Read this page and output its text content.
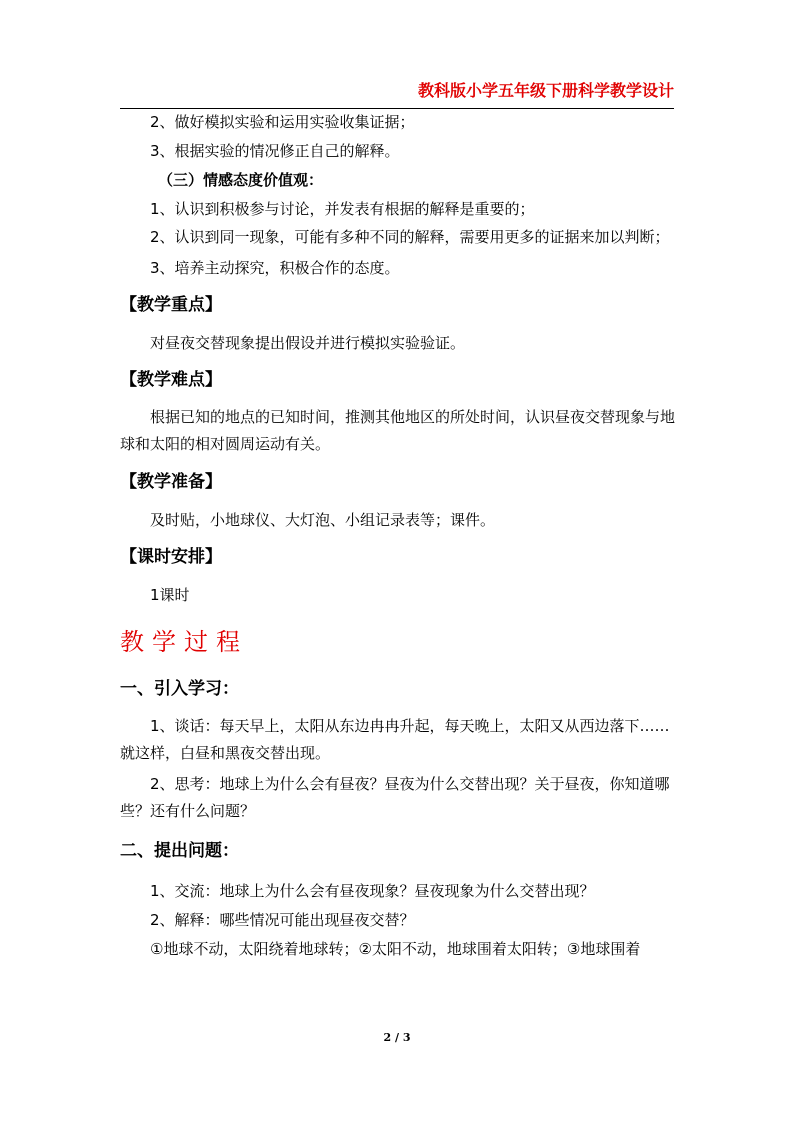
教科版小学五年级下册科学教学设计

2、做好模拟实验和运用实验收集证据；

3、根据实验的情况修正自己的解释。

（三）情感态度价值观：

1、认识到积极参与讨论，并发表有根据的解释是重要的；

2、认识到同一现象，可能有多种不同的解释，需要用更多的证据来加以判断；

3、培养主动探究，积极合作的态度。

【教学重点】

对昼夜交替现象提出假设并进行模拟实验验证。

【教学难点】

根据已知的地点的已知时间，推测其他地区的所处时间，认识昼夜交替现象与地球和太阳的相对圆周运动有关。

【教学准备】

及时贴，小地球仪、大灯泡、小组记录表等；课件。

【课时安排】

1课时

教学过程

一、引入学习：

1、谈话：每天早上，太阳从东边冉冉升起，每天晚上，太阳又从西边落下……就这样，白昼和黑夜交替出现。

2、思考：地球上为什么会有昼夜？昼夜为什么交替出现？关于昼夜，你知道哪些？还有什么问题？

二、提出问题：

1、交流：地球上为什么会有昼夜现象？昼夜现象为什么交替出现？

2、解释：哪些情况可能出现昼夜交替？

①地球不动，太阳绕着地球转；②太阳不动，地球围着太阳转；③地球围着

2 / 3
